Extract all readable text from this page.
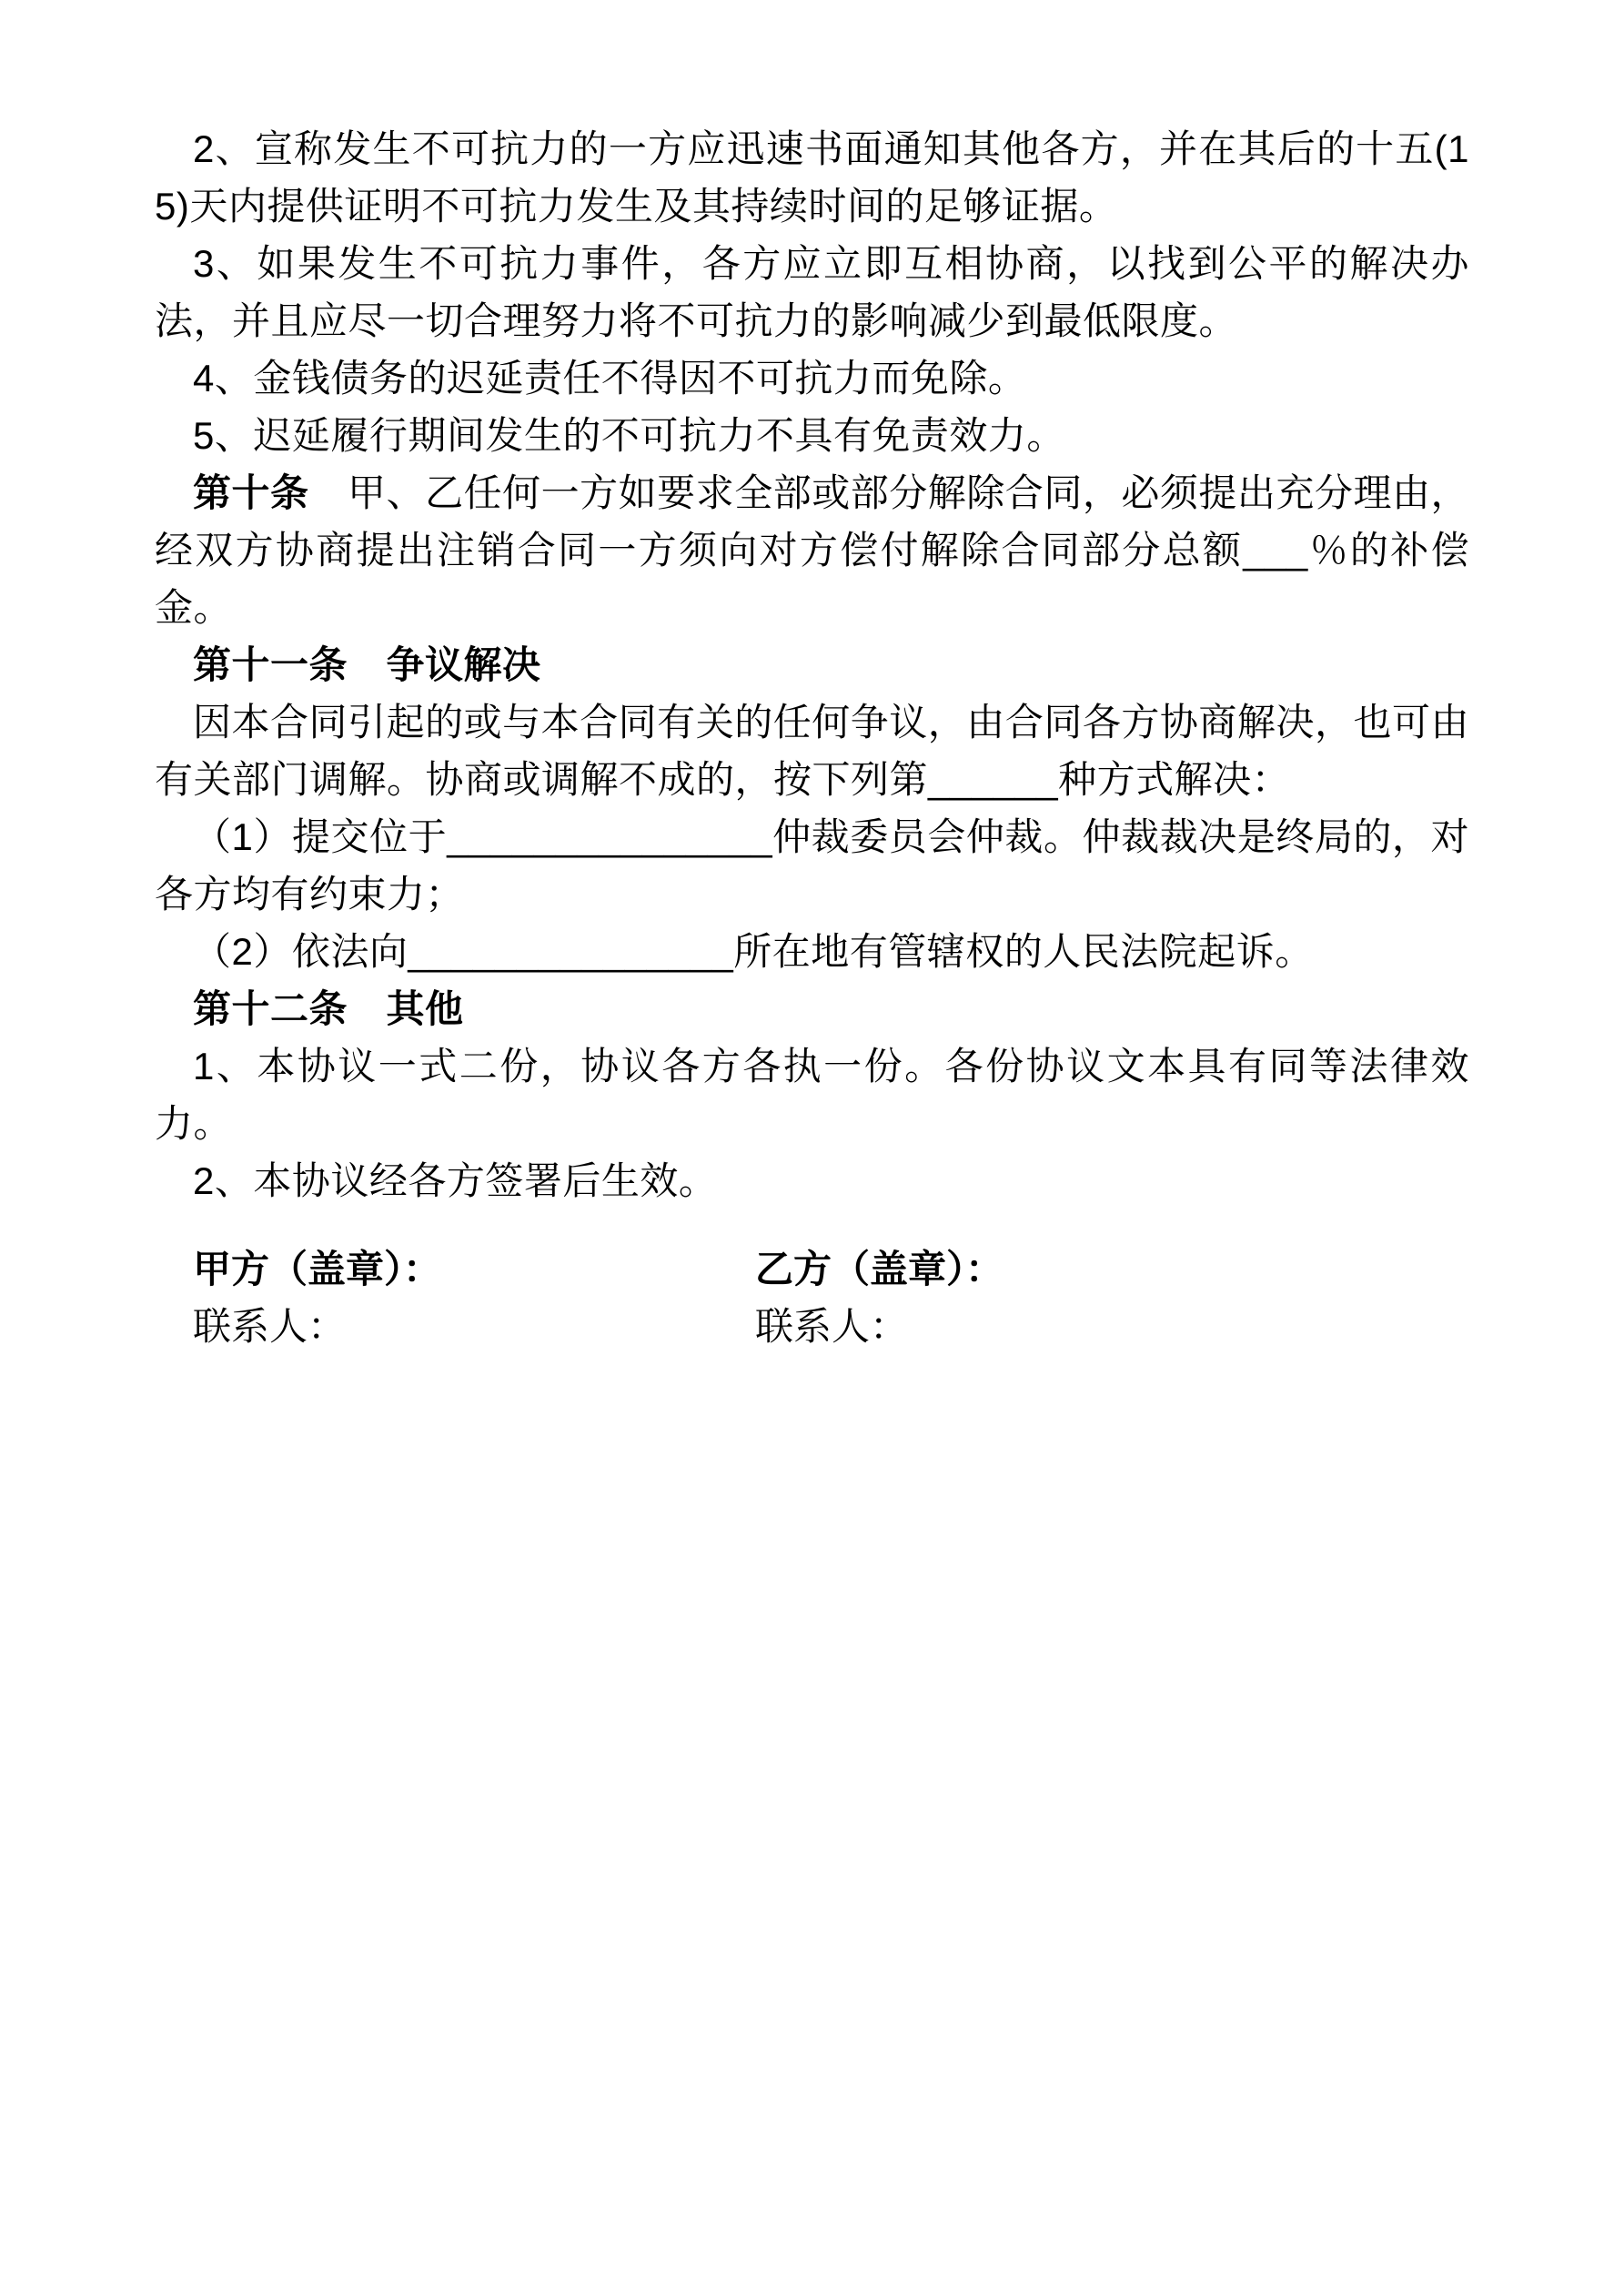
2、宣称发生不可抗力的一方应迅速书面通知其他各方，并在其后的十五(15)天内提供证明不可抗力发生及其持续时间的足够证据。

3、如果发生不可抗力事件，各方应立即互相协商，以找到公平的解决办法，并且应尽一切合理努力将不可抗力的影响减少到最低限度。

4、金钱债务的迟延责任不得因不可抗力而免除。

5、迟延履行期间发生的不可抗力不具有免责效力。

第十条　甲、乙任何一方如要求全部或部分解除合同，必须提出充分理由，经双方协商提出注销合同一方须向对方偿付解除合同部分总额___％的补偿金。

第十一条　争议解决

因本合同引起的或与本合同有关的任何争议，由合同各方协商解决，也可由有关部门调解。协商或调解不成的，按下列第______种方式解决：

（1）提交位于_______________仲裁委员会仲裁。仲裁裁决是终局的，对各方均有约束力；

（2）依法向_______________所在地有管辖权的人民法院起诉。

第十二条　其他

1、本协议一式二份，协议各方各执一份。各份协议文本具有同等法律效力。

2、本协议经各方签署后生效。

甲方（盖章）：	乙方（盖章）：
联系人：	联系人：
